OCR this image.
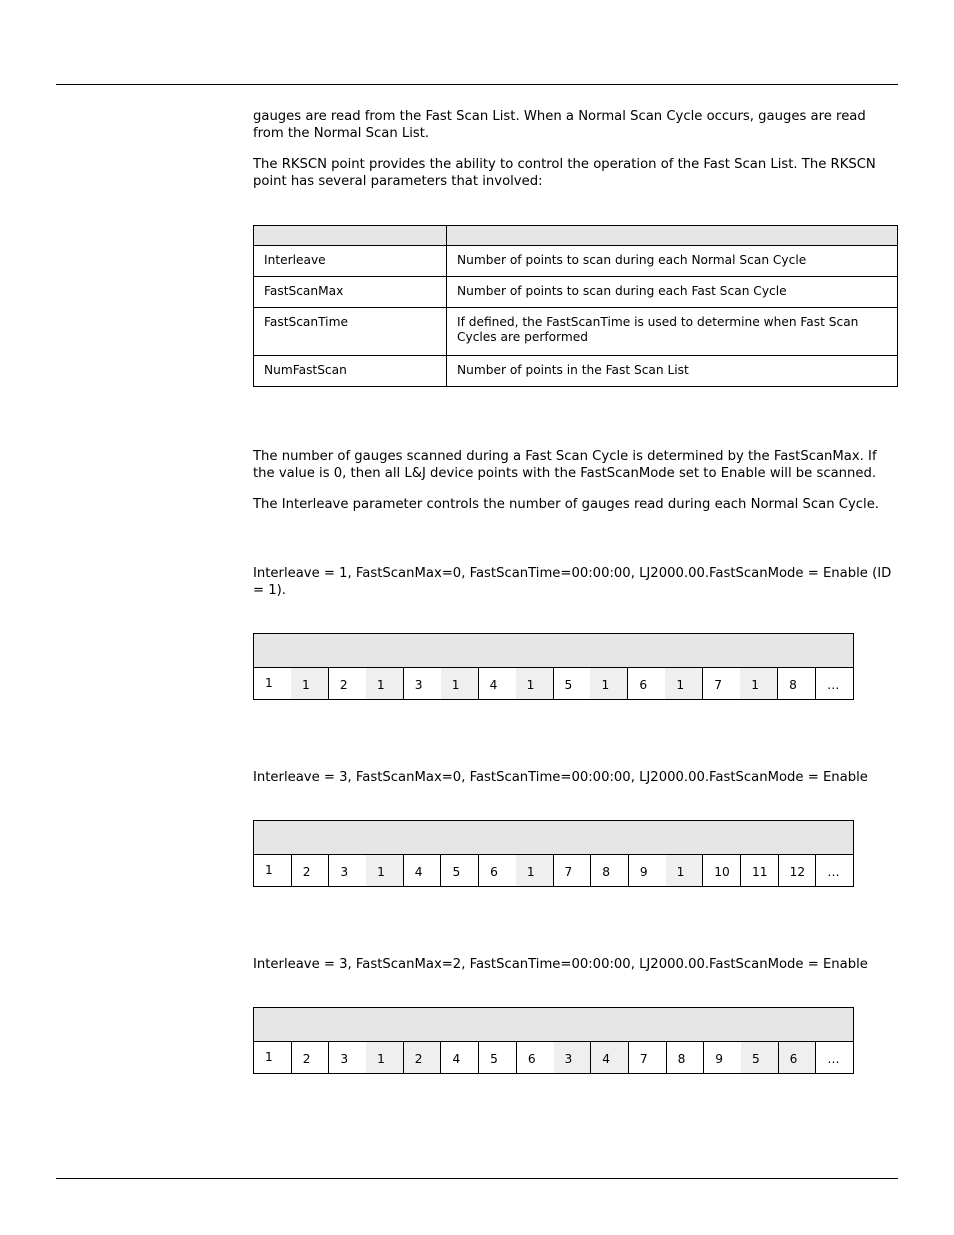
gauges are read from the Fast Scan List. When a Normal Scan Cycle occurs, gauges are read from the Normal Scan List.

The RKSCN point provides the ability to control the operation of the Fast Scan List. The RKSCN point has several parameters that involved:

Interleave	Number of points to scan during each Normal Scan Cycle
FastScanMax	Number of points to scan during each Fast Scan Cycle
FastScanTime	If defined, the FastScanTime is used to determine when Fast Scan Cycles are performed
NumFastScan	Number of points in the Fast Scan List

The number of gauges scanned during a Fast Scan Cycle is determined by the FastScanMax. If the value is 0, then all L&J device points with the FastScanMode set to Enable will be scanned.

The Interleave parameter controls the number of gauges read during each Normal Scan Cycle.

Interleave = 1, FastScanMax=0, FastScanTime=00:00:00, LJ2000.00.FastScanMode = Enable (ID = 1).

1	1	2	1	3	1	4	1	5	1	6	1	7	1	8	…

Interleave = 3, FastScanMax=0, FastScanTime=00:00:00, LJ2000.00.FastScanMode = Enable

1	2	3	1	4	5	6	1	7	8	9	1	10	11	12	…

Interleave = 3, FastScanMax=2, FastScanTime=00:00:00, LJ2000.00.FastScanMode = Enable

1	2	3	1	2	4	5	6	3	4	7	8	9	5	6	…
